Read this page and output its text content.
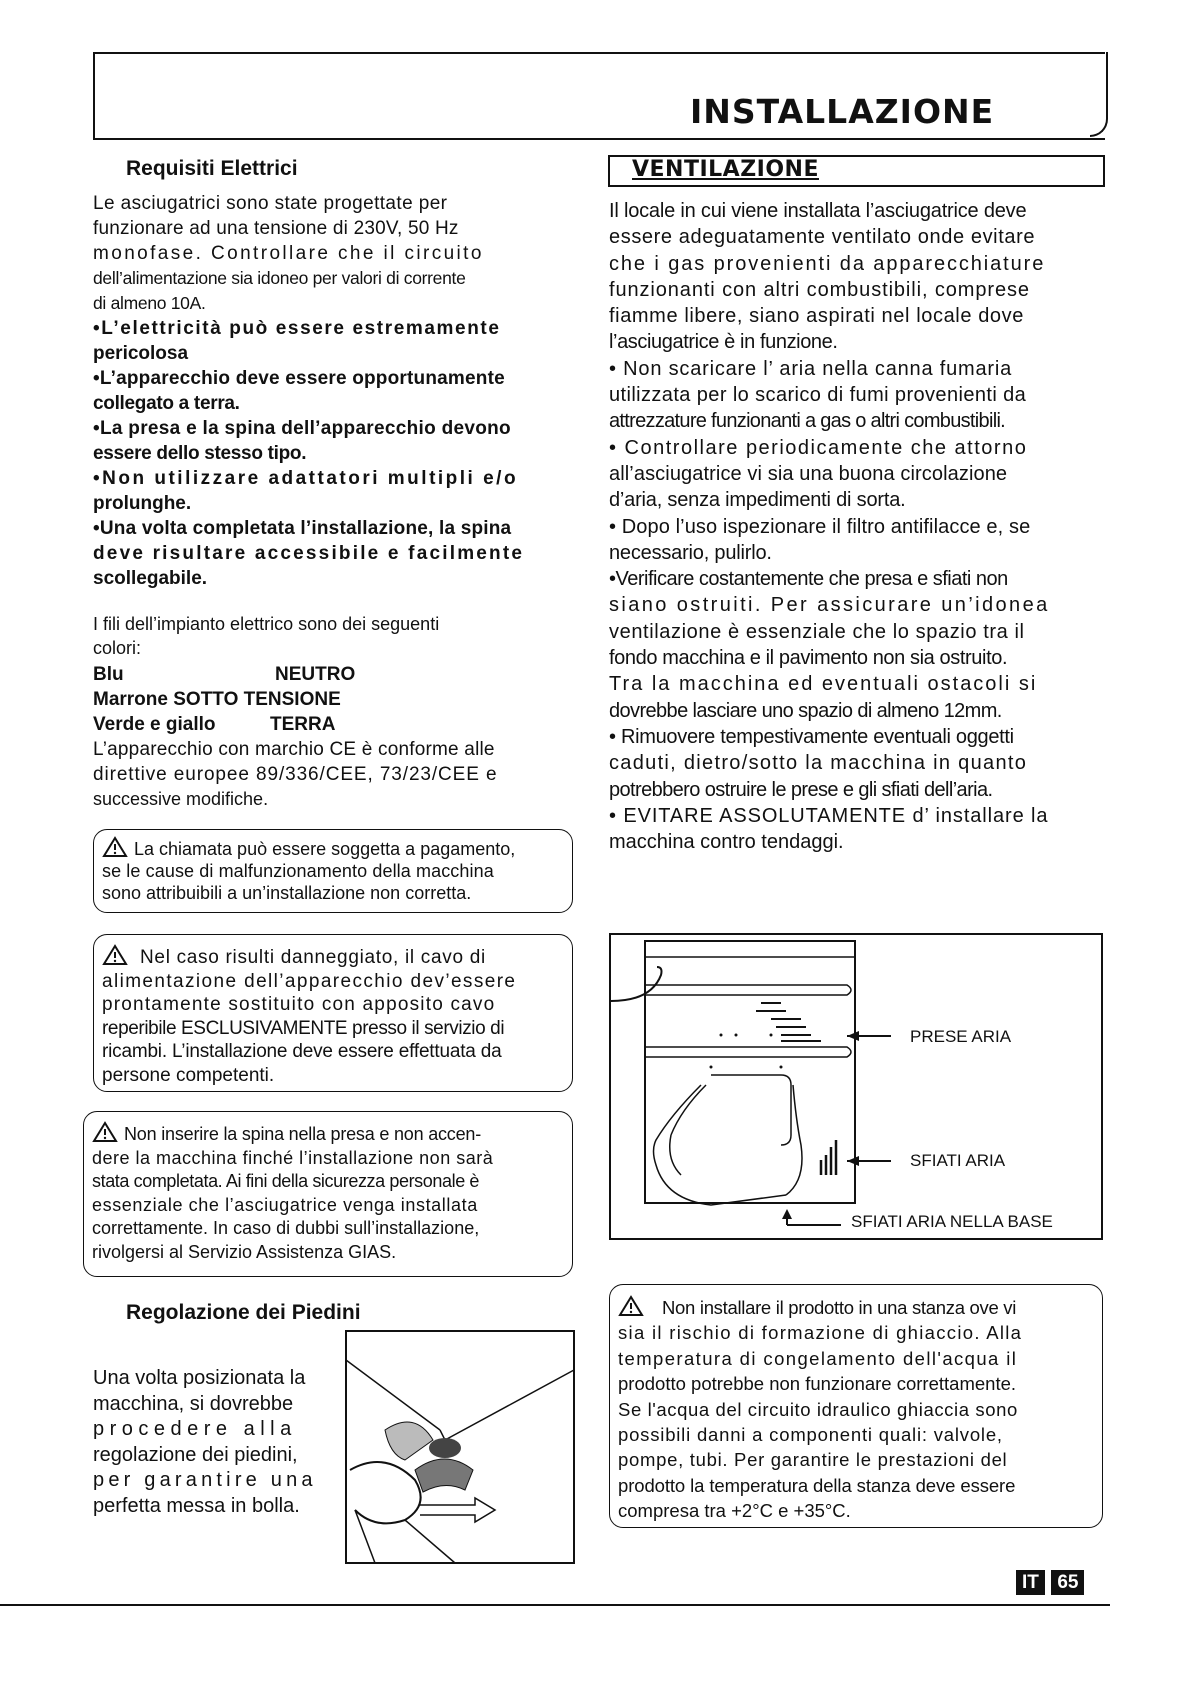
INSTALLAZIONE
Requisiti Elettrici
Le asciugatrici sono state progettate per
funzionare ad una tensione di 230V, 50 Hz
monofase. Controllare che il circuito
dell’alimentazione sia idoneo per valori di corrente
di almeno 10A.
•L’elettricità può essere estremamente
pericolosa
•L’apparecchio deve essere opportunamente
collegato a terra.
•La presa e la spina dell’apparecchio devono
essere dello stesso tipo.
•Non utilizzare adattatori multipli e/o
prolunghe.
•Una volta completata l’installazione, la spina
deve risultare accessibile e facilmente
scollegabile.
I fili dell’impianto elettrico sono dei seguenti
colori:
Blu	NEUTRO
Marrone SOTTO TENSIONE
Verde e giallo	TERRA
L’apparecchio con marchio CE è conforme alle
direttive europee 89/336/CEE, 73/23/CEE e
successive modifiche.
La chiamata può essere soggetta a pagamento,
se le cause di malfunzionamento della macchina
sono attribuibili a un’installazione non corretta.
Nel caso risulti danneggiato, il cavo di
alimentazione dell’apparecchio dev’essere
prontamente sostituito con apposito cavo
reperibile ESCLUSIVAMENTE presso il servizio di
ricambi. L’installazione deve essere effettuata da
persone competenti.
Non inserire la spina nella presa e non accen-
dere la macchina finché l’installazione non sarà
stata completata. Ai fini della sicurezza personale è
essenziale che l’asciugatrice venga installata
correttamente. In caso di dubbi sull’installazione,
rivolgersi al Servizio Assistenza GIAS.
Regolazione dei Piedini
Una volta posizionata la
macchina, si dovrebbe
procedere alla
regolazione dei piedini,
per garantire una
perfetta messa in bolla.
VENTILAZIONE
Il locale in cui viene installata l’asciugatrice deve
essere adeguatamente ventilato onde evitare
che i gas provenienti da apparecchiature
funzionanti con altri combustibili, comprese
fiamme libere, siano aspirati nel locale dove
l’asciugatrice è in funzione.
• Non scaricare l’ aria nella canna fumaria
utilizzata per lo scarico di fumi provenienti da
attrezzature funzionanti a gas o altri combustibili.
• Controllare periodicamente che attorno
all’asciugatrice vi sia una buona circolazione
d’aria, senza impedimenti di sorta.
• Dopo l’uso ispezionare il filtro antifilacce e, se
necessario, pulirlo.
•Verificare costantemente che presa e sfiati non
siano ostruiti. Per assicurare un’idonea
ventilazione è essenziale che lo spazio tra il
fondo macchina e il pavimento non sia ostruito.
Tra la macchina ed eventuali ostacoli si
dovrebbe lasciare uno spazio di almeno 12mm.
• Rimuovere tempestivamente eventuali oggetti
caduti, dietro/sotto la macchina in quanto
potrebbero ostruire le prese e gli sfiati dell’aria.
• EVITARE ASSOLUTAMENTE d’ installare la
macchina contro tendaggi.
PRESE ARIA
SFIATI ARIA
SFIATI ARIA NELLA BASE
Non installare il prodotto in una stanza ove vi
sia il rischio di formazione di ghiaccio. Alla
temperatura di congelamento dell'acqua il
prodotto potrebbe non funzionare correttamente.
Se l'acqua del circuito idraulico ghiaccia sono
possibili danni a componenti quali: valvole,
pompe, tubi. Per garantire le prestazioni del
prodotto la temperatura della stanza deve essere
compresa tra +2°C e +35°C.
IT 65
